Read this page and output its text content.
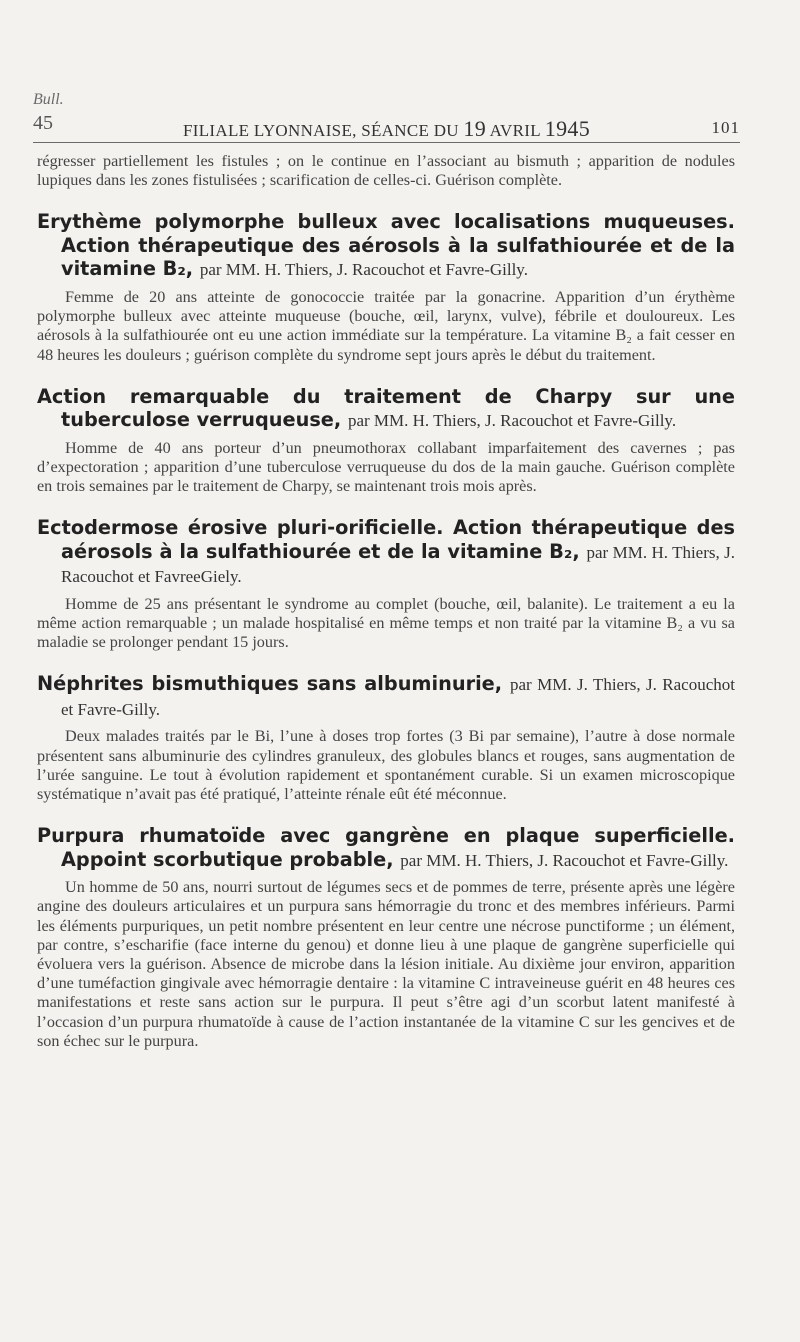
Bull.
45	FILIALE LYONNAISE, SÉANCE DU 19 AVRIL 1945	101

régresser partiellement les fistules ; on le continue en l’associant au bismuth ; apparition de nodules lupiques dans les zones fistulisées ; scarification de celles-ci. Guérison complète.

Erythème polymorphe bulleux avec localisations muqueuses. Action thérapeutique des aérosols à la sulfathiourée et de la vitamine B₂, par MM. H. Thiers, J. Racouchot et Favre-Gilly.

Femme de 20 ans atteinte de gonococcie traitée par la gonacrine. Apparition d’un érythème polymorphe bulleux avec atteinte muqueuse (bouche, œil, larynx, vulve), fébrile et douloureux. Les aérosols à la sulfathiourée ont eu une action immédiate sur la température. La vitamine B₂ a fait cesser en 48 heures les douleurs ; guérison complète du syndrome sept jours après le début du traitement.

Action remarquable du traitement de Charpy sur une tuberculose verruqueuse, par MM. H. Thiers, J. Racouchot et Favre-Gilly.

Homme de 40 ans porteur d’un pneumothorax collabant imparfaitement des cavernes ; pas d’expectoration ; apparition d’une tuberculose verruqueuse du dos de la main gauche. Guérison complète en trois semaines par le traitement de Charpy, se maintenant trois mois après.

Ectodermose érosive pluri-orificielle. Action thérapeutique des aérosols à la sulfathiourée et de la vitamine B₂, par MM. H. Thiers, J. Racouchot et FavreeGiely.

Homme de 25 ans présentant le syndrome au complet (bouche, œil, balanite). Le traitement a eu la même action remarquable ; un malade hospitalisé en même temps et non traité par la vitamine B₂ a vu sa maladie se prolonger pendant 15 jours.

Néphrites bismuthiques sans albuminurie, par MM. J. Thiers, J. Racouchot et Favre-Gilly.

Deux malades traités par le Bi, l’une à doses trop fortes (3 Bi par semaine), l’autre à dose normale présentent sans albuminurie des cylindres granuleux, des globules blancs et rouges, sans augmentation de l’urée sanguine. Le tout à évolution rapidement et spontanément curable. Si un examen microscopique systématique n’avait pas été pratiqué, l’atteinte rénale eût été méconnue.

Purpura rhumatoïde avec gangrène en plaque superficielle. Appoint scorbutique probable, par MM. H. Thiers, J. Racouchot et Favre-Gilly.

Un homme de 50 ans, nourri surtout de légumes secs et de pommes de terre, présente après une légère angine des douleurs articulaires et un purpura sans hémorragie du tronc et des membres inférieurs. Parmi les éléments purpuriques, un petit nombre présentent en leur centre une nécrose punctiforme ; un élément, par contre, s’escharifie (face interne du genou) et donne lieu à une plaque de gangrène superficielle qui évoluera vers la guérison. Absence de microbe dans la lésion initiale. Au dixième jour environ, apparition d’une tuméfaction gingivale avec hémorragie dentaire : la vitamine C intraveineuse guérit en 48 heures ces manifestations et reste sans action sur le purpura. Il peut s’être agi d’un scorbut latent manifesté à l’occasion d’un purpura rhumatoïde à cause de l’action instantanée de la vitamine C sur les gencives et de son échec sur le purpura.
